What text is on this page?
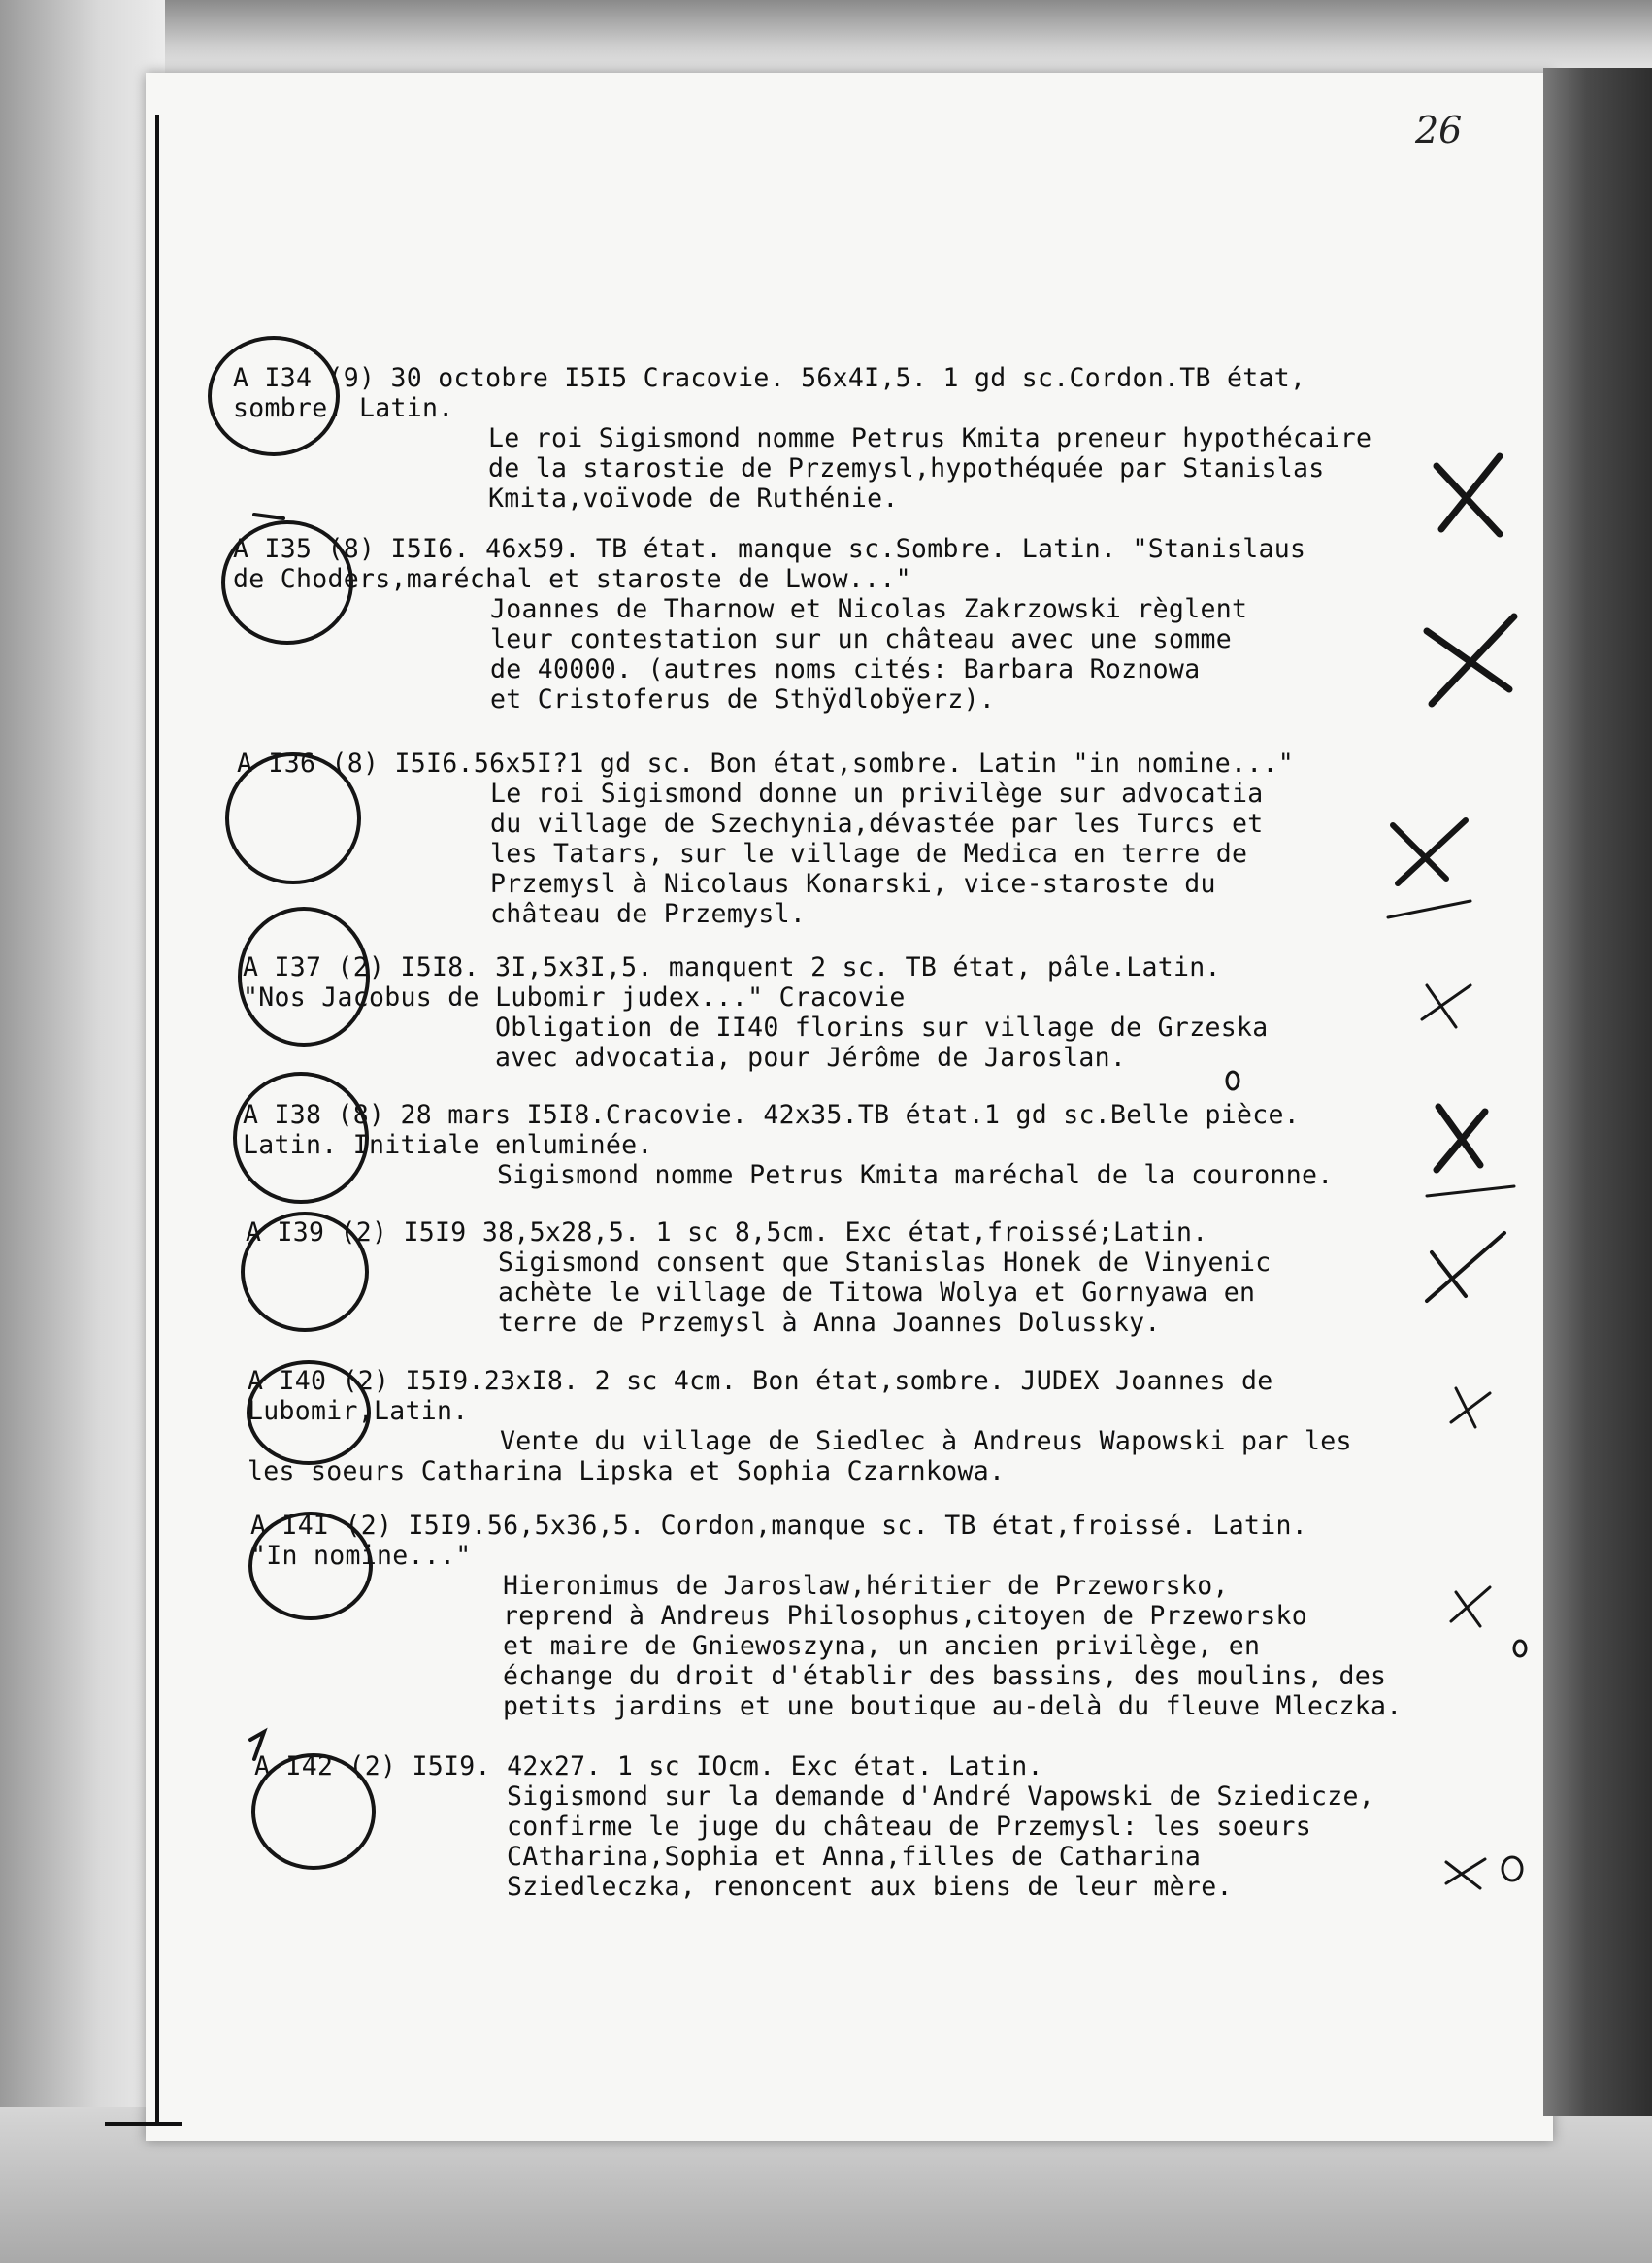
26
A I34 (9) 30 octobre I5I5 Cracovie. 56x4I,5. 1 gd sc.Cordon.TB état,
sombre. Latin.
Le roi Sigismond nomme Petrus Kmita preneur hypothécaire
de la starostie de Przemysl,hypothéquée par Stanislas
Kmita,voïvode de Ruthénie.
A I35 (8) I5I6. 46x59. TB état. manque sc.Sombre. Latin. "Stanislaus
de Choders,maréchal et staroste de Lwow..."
Joannes de Tharnow et Nicolas Zakrzowski règlent
leur contestation sur un château avec une somme
de 40000. (autres noms cités: Barbara Roznowa
et Cristoferus de Sthÿdlobÿerz).
A I36 (8) I5I6.56x5I?1 gd sc. Bon état,sombre. Latin "in nomine..."
Le roi Sigismond donne un privilège sur advocatia
du village de Szechynia,dévastée par les Turcs et
les Tatars, sur le village de Medica en terre de
Przemysl à Nicolaus Konarski, vice-staroste du
château de Przemysl.
A I37 (2) I5I8. 3I,5x3I,5. manquent 2 sc. TB état, pâle.Latin.
"Nos Jacobus de Lubomir judex..." Cracovie
Obligation de II40 florins sur village de Grzeska
avec advocatia, pour Jérôme de Jaroslan.
A I38 (8) 28 mars I5I8.Cracovie. 42x35.TB état.1 gd sc.Belle pièce.
Latin. Initiale enluminée.
Sigismond nomme Petrus Kmita maréchal de la couronne.
A I39 (2) I5I9 38,5x28,5. 1 sc 8,5cm. Exc état,froissé;Latin.
Sigismond consent que Stanislas Honek de Vinyenic
achète le village de Titowa Wolya et Gornyawa en
terre de Przemysl à Anna Joannes Dolussky.
A I40 (2) I5I9.23xI8. 2 sc 4cm. Bon état,sombre. JUDEX Joannes de
Lubomir,Latin.
Vente du village de Siedlec à Andreus Wapowski par les
les soeurs Catharina Lipska et Sophia Czarnkowa.
A I4I (2) I5I9.56,5x36,5. Cordon,manque sc. TB état,froissé. Latin.
"In nomine..."
Hieronimus de Jaroslaw,héritier de Przeworsko,
reprend à Andreus Philosophus,citoyen de Przeworsko
et maire de Gniewoszyna, un ancien privilège, en
échange du droit d'établir des bassins, des moulins, des
petits jardins et une boutique au-delà du fleuve Mleczka.
A I42 (2) I5I9. 42x27. 1 sc IOcm. Exc état. Latin.
Sigismond sur la demande d'André Vapowski de Sziedicze,
confirme le juge du château de Przemysl: les soeurs
CAtharina,Sophia et Anna,filles de Catharina
Sziedleczka, renoncent aux biens de leur mère.
